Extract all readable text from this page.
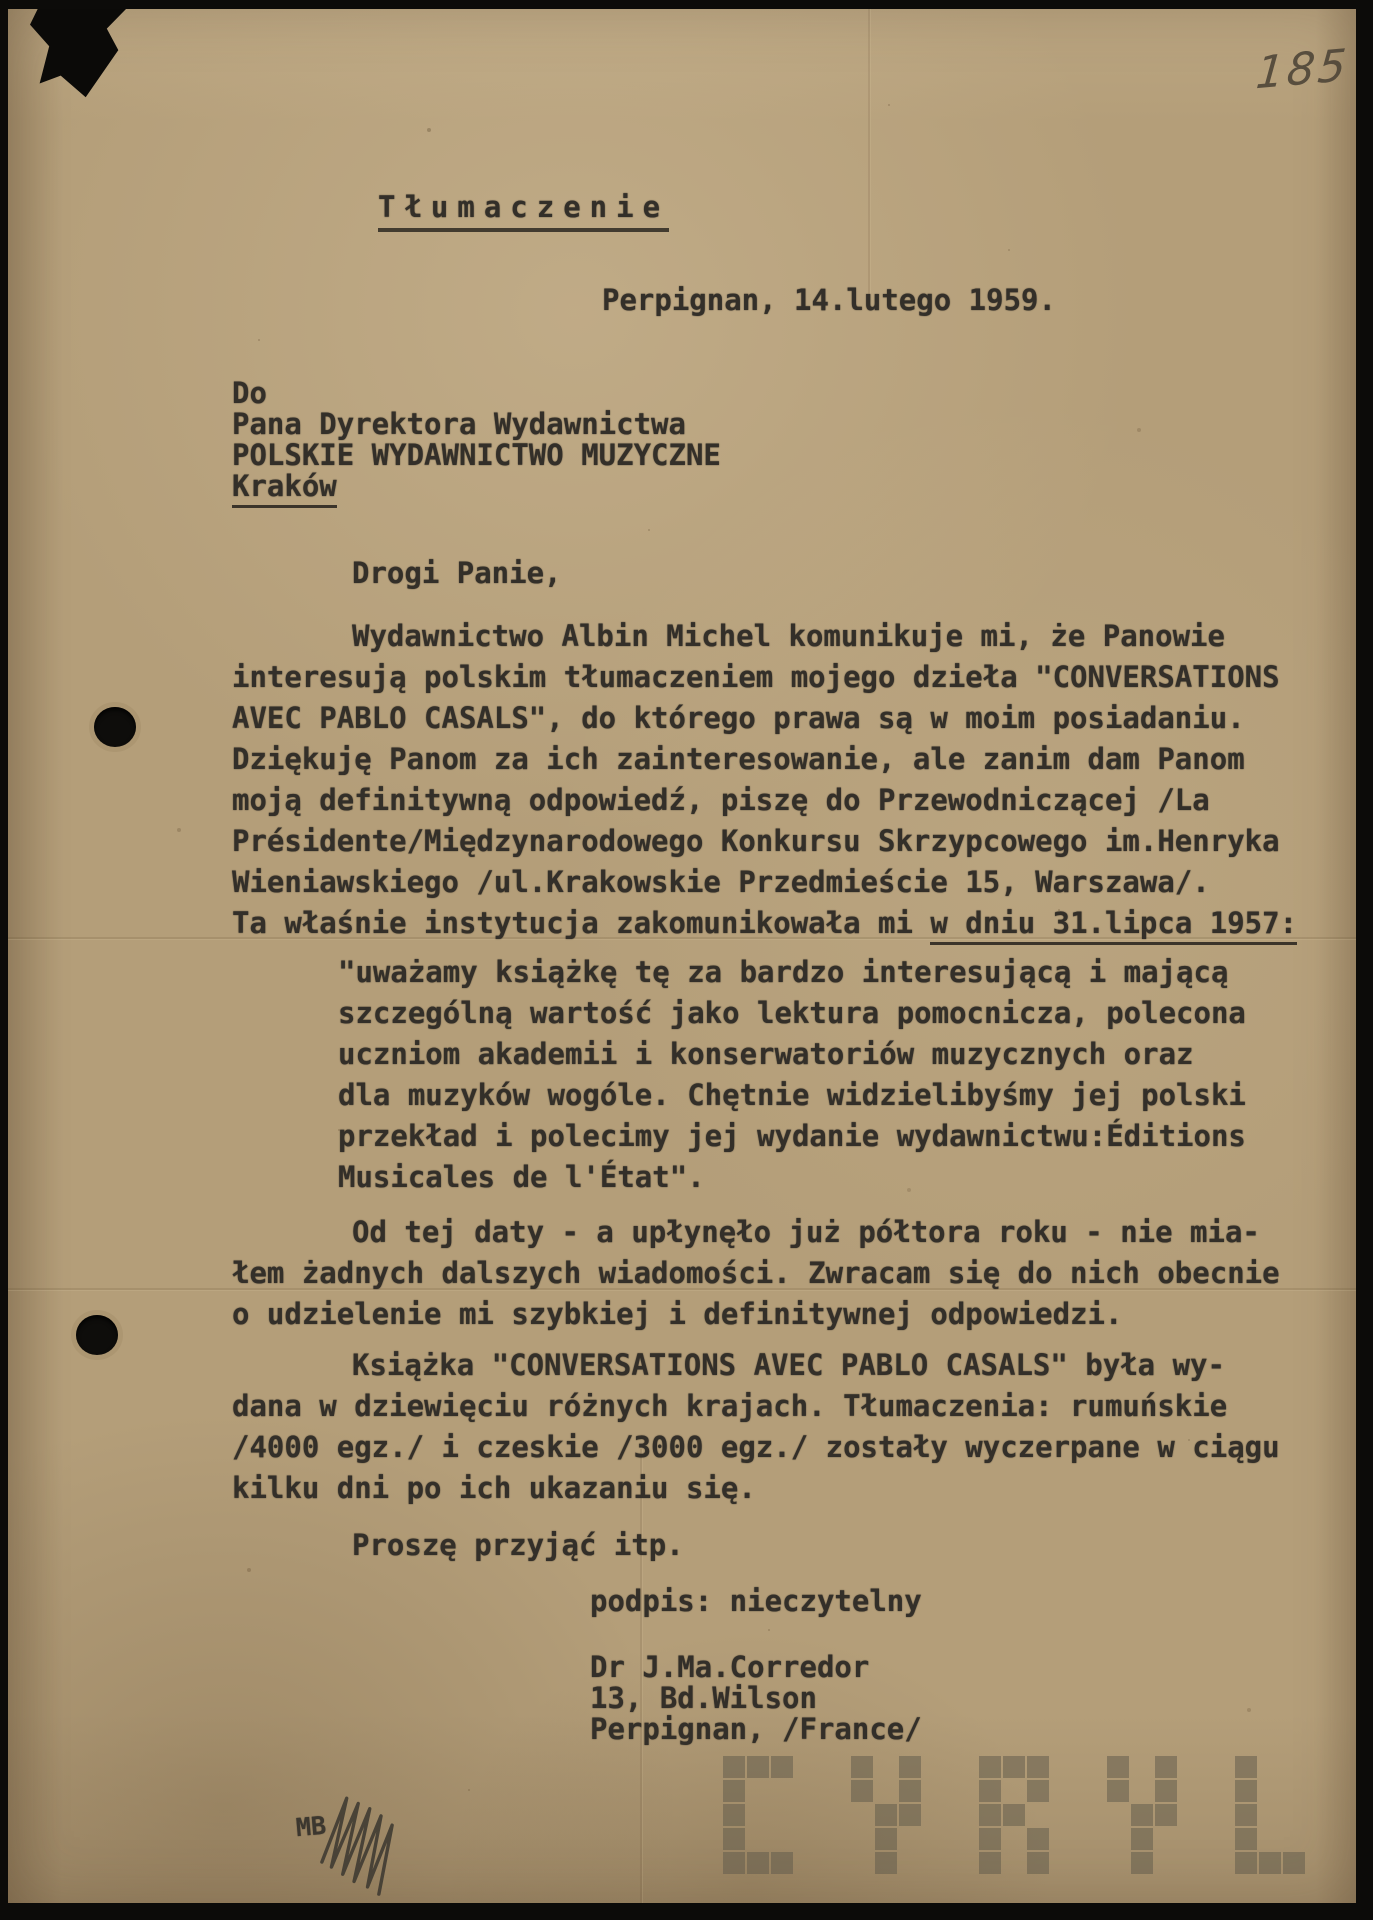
185
Tłumaczenie
Perpignan, 14.lutego 1959.
Do
Pana Dyrektora Wydawnictwa
POLSKIE WYDAWNICTWO MUZYCZNE
Kraków
Drogi Panie,
Wydawnictwo Albin Michel komunikuje mi, że Panowie
interesują polskim tłumaczeniem mojego dzieła "CONVERSATIONS
AVEC PABLO CASALS", do którego prawa są w moim posiadaniu.
Dziękuję Panom za ich zainteresowanie, ale zanim dam Panom
moją definitywną odpowiedź, piszę do Przewodniczącej /La
Présidente/Międzynarodowego Konkursu Skrzypcowego im.Henryka
Wieniawskiego /ul.Krakowskie Przedmieście 15, Warszawa/.
Ta właśnie instytucja zakomunikowała mi w dniu 31.lipca 1957:
"uważamy książkę tę za bardzo interesującą i mającą
szczególną wartość jako lektura pomocnicza, polecona
uczniom akademii i konserwatoriów muzycznych oraz
dla muzyków wogóle. Chętnie widzielibyśmy jej polski
przekład i polecimy jej wydanie wydawnictwu:Éditions
Musicales de l'État".
Od tej daty - a upłynęło już półtora roku - nie mia-
łem żadnych dalszych wiadomości. Zwracam się do nich obecnie
o udzielenie mi szybkiej i definitywnej odpowiedzi.
Książka "CONVERSATIONS AVEC PABLO CASALS" była wy-
dana w dziewięciu różnych krajach. Tłumaczenia: rumuńskie
/4000 egz./ i czeskie /3000 egz./ zostały wyczerpane w ciągu
kilku dni po ich ukazaniu się.
Proszę przyjąć itp.
podpis: nieczytelny
Dr J.Ma.Corredor
13, Bd.Wilson
Perpignan, /France/
MB
